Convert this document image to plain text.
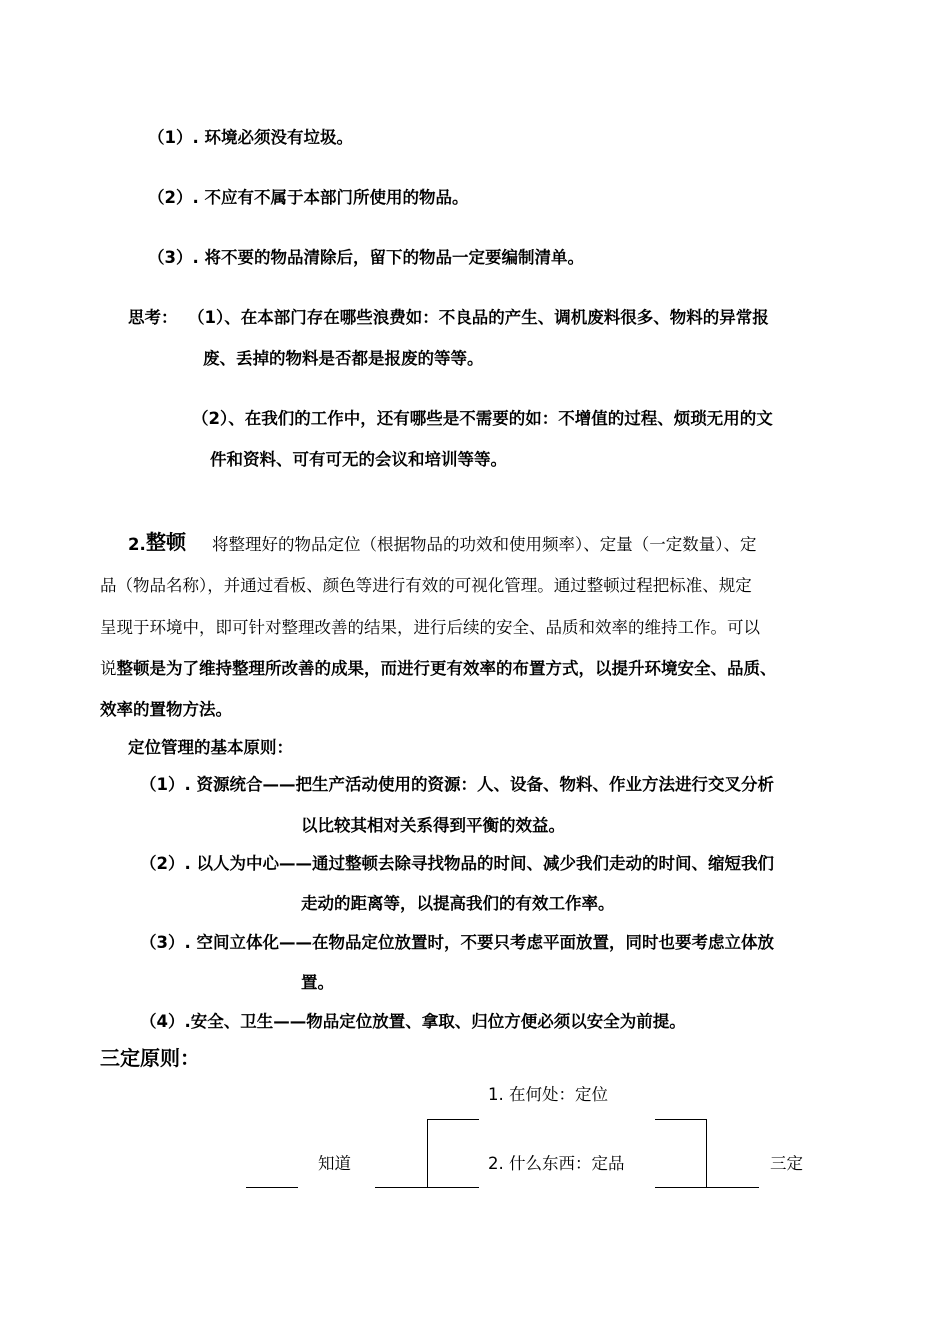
（1）. 环境必须没有垃圾。
（2）. 不应有不属于本部门所使用的物品。
（3）. 将不要的物品清除后，留下的物品一定要编制清单。
思考： （1）、在本部门存在哪些浪费如：不良品的产生、调机废料很多、物料的异常报
废、丢掉的物料是否都是报废的等等。
（2）、在我们的工作中，还有哪些是不需要的如：不增值的过程、烦琐无用的文
件和资料、可有可无的会议和培训等等。
2. 整顿 将整理好的物品定位（根据物品的功效和使用频率）、定量（一定数量）、定
品（物品名称），并通过看板、颜色等进行有效的可视化管理。通过整顿过程把标准、规定
呈现于环境中，即可针对整理改善的结果，进行后续的安全、品质和效率的维持工作。可以
说整顿是为了维持整理所改善的成果，而进行更有效率的布置方式，以提升环境安全、品质、
效率的置物方法。
定位管理的基本原则：
（1）. 资源统合——把生产活动使用的资源：人、设备、物料、作业方法进行交叉分析
以比较其相对关系得到平衡的效益。
（2）. 以人为中心——通过整顿去除寻找物品的时间、减少我们走动的时间、缩短我们
走动的距离等，以提高我们的有效工作率。
（3）. 空间立体化——在物品定位放置时，不要只考虑平面放置，同时也要考虑立体放
置。
（4）.安全、卫生——物品定位放置、拿取、归位方便必须以安全为前提。
三定原则：
1. 在何处：定位
知道	2. 什么东西：定品	三定
